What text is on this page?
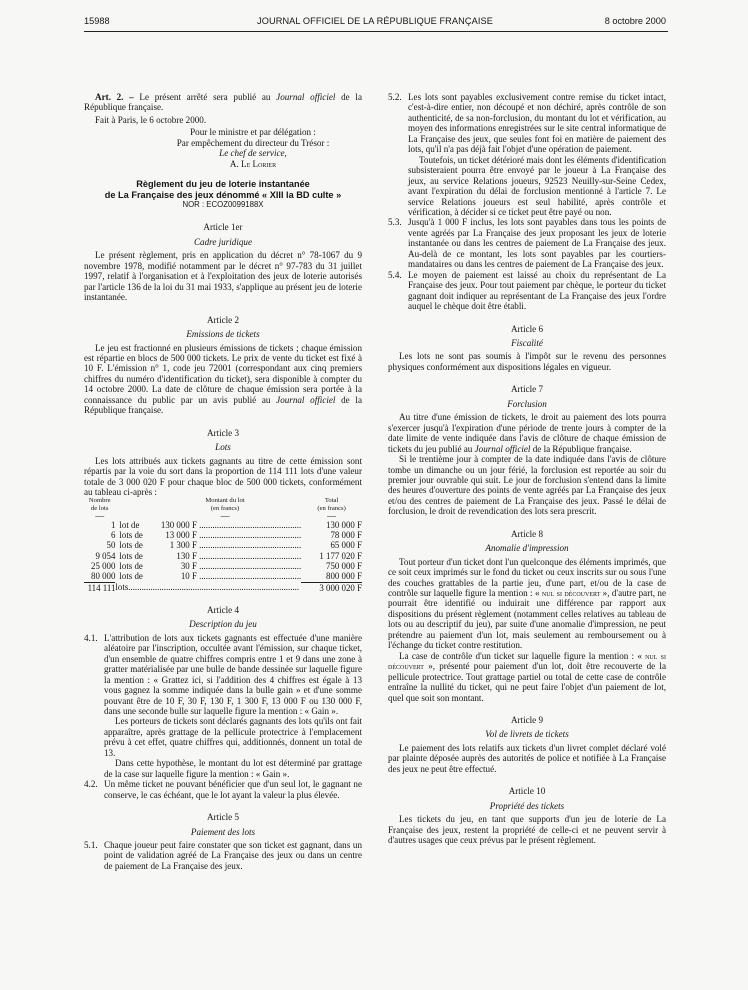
15988	JOURNAL OFFICIEL DE LA RÉPUBLIQUE FRANÇAISE	8 octobre 2000

Art. 2. – Le présent arrêté sera publié au Journal officiel de la République française.

Fait à Paris, le 6 octobre 2000.

Pour le ministre et par délégation :

Par empêchement du directeur du Trésor :

Le chef de service,

A. Le Lorier

Règlement du jeu de loterie instantanée

de La Française des jeux dénommé « XIII la BD culte »

NOR : ECOZ0099188X

Article 1er

Cadre juridique

Le présent règlement, pris en application du décret n° 78-1067 du 9 novembre 1978, modifié notamment par le décret n° 97-783 du 31 juillet 1997, relatif à l'organisation et à l'exploitation des jeux de loterie autorisés par l'article 136 de la loi du 31 mai 1933, s'applique au présent jeu de loterie instantanée.

Article 2

Emissions de tickets

Le jeu est fractionné en plusieurs émissions de tickets ; chaque émission est répartie en blocs de 500 000 tickets. Le prix de vente du ticket est fixé à 10 F. L'émission n° 1, code jeu 72001 (correspondant aux cinq premiers chiffres du numéro d'identification du ticket), sera disponible à compter du 14 octobre 2000. La date de clôture de chaque émission sera portée à la connaissance du public par un avis publié au Journal officiel de la République française.

Article 3

Lots

Les lots attribués aux tickets gagnants au titre de cette émission sont répartis par la voie du sort dans la proportion de 114 111 lots d'une valeur totale de 3 000 020 F pour chaque bloc de 500 000 tickets, conformément au tableau ci-après :

Nombre
de lots		Montant du lot
(en francs)	Total
(en francs)
—		—	—
1	lot de	130 000 F ..............................................	130 000 F
6	lots de	13 000 F ..............................................	78 000 F
50	lots de	1 300 F ..............................................	65 000 F
9 054	lots de	130 F ..............................................	1 177 020 F
25 000	lots de	30 F ..............................................	750 000 F
80 000	lots de	10 F ..............................................	800 000 F
114 111	lots.............................................................................		3 000 020 F

Article 4

Description du jeu

4.1. L'attribution de lots aux tickets gagnants est effectuée d'une manière aléatoire par l'inscription, occultée avant l'émission, sur chaque ticket, d'un ensemble de quatre chiffres compris entre 1 et 9 dans une zone à gratter matérialisée par une bulle de bande dessinée sur laquelle figure la mention : « Grattez ici, si l'addition des 4 chiffres est égale à 13 vous gagnez la somme indiquée dans la bulle gain » et d'une somme pouvant être de 10 F, 30 F, 130 F, 1 300 F, 13 000 F ou 130 000 F, dans une seconde bulle sur laquelle figure la mention : « Gain ».

Les porteurs de tickets sont déclarés gagnants des lots qu'ils ont fait apparaître, après grattage de la pellicule protectrice à l'emplacement prévu à cet effet, quatre chiffres qui, additionnés, donnent un total de 13.

Dans cette hypothèse, le montant du lot est déterminé par grattage de la case sur laquelle figure la mention : « Gain ».

4.2. Un même ticket ne pouvant bénéficier que d'un seul lot, le gagnant ne conserve, le cas échéant, que le lot ayant la valeur la plus élevée.

Article 5

Paiement des lots

5.1. Chaque joueur peut faire constater que son ticket est gagnant, dans un point de validation agréé de La Française des jeux ou dans un centre de paiement de La Française des jeux.

5.2. Les lots sont payables exclusivement contre remise du ticket intact, c'est-à-dire entier, non découpé et non déchiré, après contrôle de son authenticité, de sa non-forclusion, du montant du lot et vérification, au moyen des informations enregistrées sur le site central informatique de La Française des jeux, que seules font foi en matière de paiement des lots, qu'il n'a pas déjà fait l'objet d'une opération de paiement.

Toutefois, un ticket détérioré mais dont les éléments d'identification subsisteraient pourra être envoyé par le joueur à La Française des jeux, au service Relations joueurs, 92523 Neuilly-sur-Seine Cedex, avant l'expiration du délai de forclusion mentionné à l'article 7. Le service Relations joueurs est seul habilité, après contrôle et vérification, à décider si ce ticket peut être payé ou non.

5.3. Jusqu'à 1 000 F inclus, les lots sont payables dans tous les points de vente agréés par La Française des jeux proposant les jeux de loterie instantanée ou dans les centres de paiement de La Française des jeux. Au-delà de ce montant, les lots sont payables par les courtiers-mandataires ou dans les centres de paiement de La Française des jeux.

5.4. Le moyen de paiement est laissé au choix du représentant de La Française des jeux. Pour tout paiement par chèque, le porteur du ticket gagnant doit indiquer au représentant de La Française des jeux l'ordre auquel le chèque doit être établi.

Article 6

Fiscalité

Les lots ne sont pas soumis à l'impôt sur le revenu des personnes physiques conformément aux dispositions légales en vigueur.

Article 7

Forclusion

Au titre d'une émission de tickets, le droit au paiement des lots pourra s'exercer jusqu'à l'expiration d'une période de trente jours à compter de la date limite de vente indiquée dans l'avis de clôture de chaque émission de tickets du jeu publié au Journal officiel de la République française.

Si le trentième jour à compter de la date indiquée dans l'avis de clôture tombe un dimanche ou un jour férié, la forclusion est reportée au soir du premier jour ouvrable qui suit. Le jour de forclusion s'entend dans la limite des heures d'ouverture des points de vente agréés par La Française des jeux et/ou des centres de paiement de La Française des jeux. Passé le délai de forclusion, le droit de revendication des lots sera prescrit.

Article 8

Anomalie d'impression

Tout porteur d'un ticket dont l'un quelconque des éléments imprimés, que ce soit ceux imprimés sur le fond du ticket ou ceux inscrits sur ou sous l'une des couches grattables de la partie jeu, d'une part, et/ou de la case de contrôle sur laquelle figure la mention : « nul si découvert », d'autre part, ne pourrait être identifié ou induirait une différence par rapport aux dispositions du présent règlement (notamment celles relatives au tableau de lots ou au descriptif du jeu), par suite d'une anomalie d'impression, ne peut prétendre au paiement d'un lot, mais seulement au remboursement ou à l'échange du ticket contre restitution.

La case de contrôle d'un ticket sur laquelle figure la mention : « nul si découvert », présenté pour paiement d'un lot, doit être recouverte de la pellicule protectrice. Tout grattage partiel ou total de cette case de contrôle entraîne la nullité du ticket, qui ne peut faire l'objet d'un paiement de lot, quel que soit son montant.

Article 9

Vol de livrets de tickets

Le paiement des lots relatifs aux tickets d'un livret complet déclaré volé par plainte déposée auprès des autorités de police et notifiée à La Française des jeux ne peut être effectué.

Article 10

Propriété des tickets

Les tickets du jeu, en tant que supports d'un jeu de loterie de La Française des jeux, restent la propriété de celle-ci et ne peuvent servir à d'autres usages que ceux prévus par le présent règlement.
